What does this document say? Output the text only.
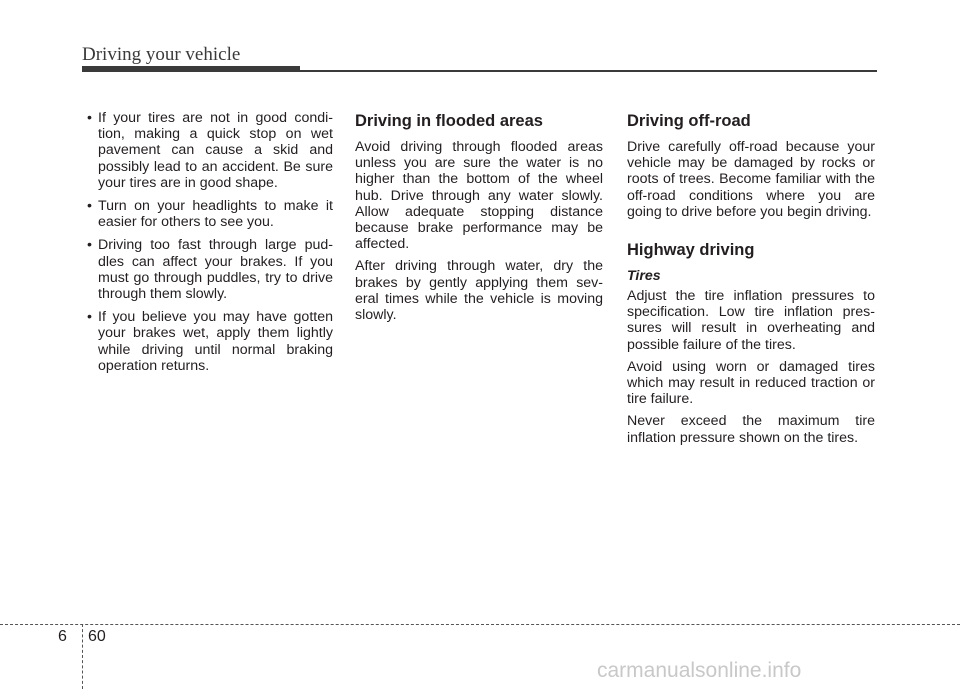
Driving your vehicle
• If your tires are not in good condi-tion, making a quick stop on wet pavement can cause a skid and possibly lead to an accident. Be sure your tires are in good shape.
• Turn on your headlights to make it easier for others to see you.
• Driving too fast through large pud-dles can affect your brakes. If you must go through puddles, try to drive through them slowly.
• If you believe you may have gotten your brakes wet, apply them lightly while driving until normal braking operation returns.
Driving in flooded areas

Avoid driving through flooded areas unless you are sure the water is no higher than the bottom of the wheel hub. Drive through any water slowly. Allow adequate stopping distance because brake performance may be affected.

After driving through water, dry the brakes by gently applying them sev-eral times while the vehicle is moving slowly.

Driving off-road

Drive carefully off-road because your vehicle may be damaged by rocks or roots of trees. Become familiar with the off-road conditions where you are going to drive before you begin driving.

Highway driving
Tires

Adjust the tire inflation pressures to specification. Low tire inflation pres-sures will result in overheating and possible failure of the tires.

Avoid using worn or damaged tires which may result in reduced traction or tire failure.

Never exceed the maximum tire inflation pressure shown on the tires.

6 60
carmanualsonline.info
